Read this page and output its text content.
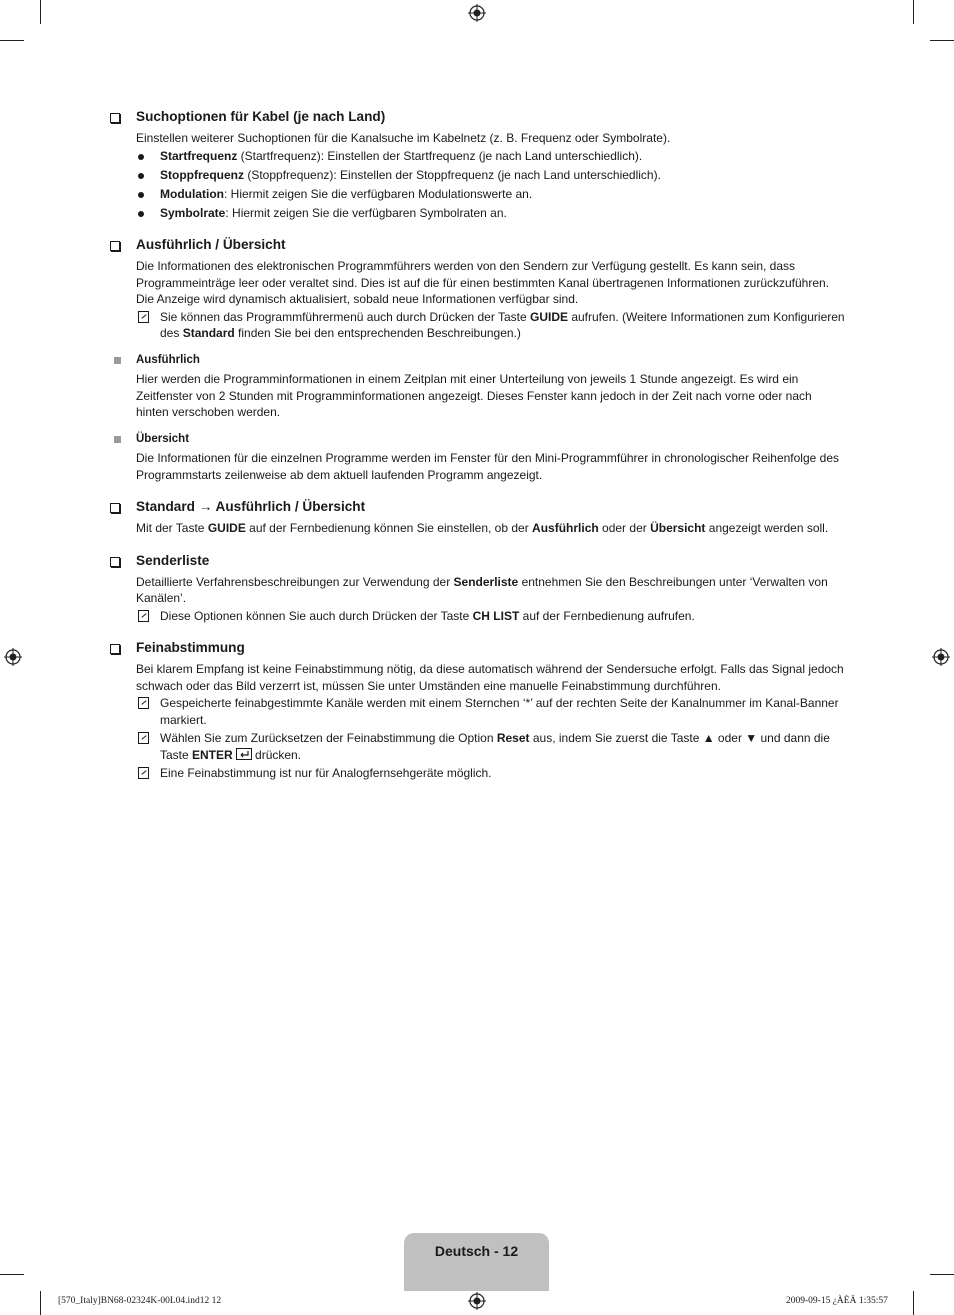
Suchoptionen für Kabel (je nach Land)

Einstellen weiterer Suchoptionen für die Kanalsuche im Kabelnetz (z. B. Frequenz oder Symbolrate).

Startfrequenz (Startfrequenz): Einstellen der Startfrequenz (je nach Land unterschiedlich).
Stoppfrequenz (Stoppfrequenz): Einstellen der Stoppfrequenz (je nach Land unterschiedlich).
Modulation: Hiermit zeigen Sie die verfügbaren Modulationswerte an.
Symbolrate: Hiermit zeigen Sie die verfügbaren Symbolraten an.
Ausführlich / Übersicht

Die Informationen des elektronischen Programmführers werden von den Sendern zur Verfügung gestellt. Es kann sein, dass Programmeinträge leer oder veraltet sind. Dies ist auf die für einen bestimmten Kanal übertragenen Informationen zurückzuführen. Die Anzeige wird dynamisch aktualisiert, sobald neue Informationen verfügbar sind.

Sie können das Programmführermenü auch durch Drücken der Taste GUIDE aufrufen. (Weitere Informationen zum Konfigurieren des Standard finden Sie bei den entsprechenden Beschreibungen.)
Ausführlich

Hier werden die Programminformationen in einem Zeitplan mit einer Unterteilung von jeweils 1 Stunde angezeigt. Es wird ein Zeitfenster von 2 Stunden mit Programminformationen angezeigt. Dieses Fenster kann jedoch in der Zeit nach vorne oder nach hinten verschoben werden.

Übersicht

Die Informationen für die einzelnen Programme werden im Fenster für den Mini-Programmführer in chronologischer Reihenfolge des Programmstarts zeilenweise ab dem aktuell laufenden Programm angezeigt.

Standard → Ausführlich / Übersicht

Mit der Taste GUIDE auf der Fernbedienung können Sie einstellen, ob der Ausführlich oder der Übersicht angezeigt werden soll.

Senderliste

Detaillierte Verfahrensbeschreibungen zur Verwendung der Senderliste entnehmen Sie den Beschreibungen unter ‘Verwalten von Kanälen’.

Diese Optionen können Sie auch durch Drücken der Taste CH LIST auf der Fernbedienung aufrufen.
Feinabstimmung

Bei klarem Empfang ist keine Feinabstimmung nötig, da diese automatisch während der Sendersuche erfolgt. Falls das Signal jedoch schwach oder das Bild verzerrt ist, müssen Sie unter Umständen eine manuelle Feinabstimmung durchführen.

Gespeicherte feinabgestimmte Kanäle werden mit einem Sternchen ‘*’ auf der rechten Seite der Kanalnummer im Kanal-Banner markiert.
Wählen Sie zum Zurücksetzen der Feinabstimmung die Option Reset aus, indem Sie zuerst die Taste ▲ oder ▼ und dann die Taste ENTER drücken.
Eine Feinabstimmung ist nur für Analogfernsehgeräte möglich.
Deutsch - 12
[570_Italy]BN68-02324K-00L04.ind12 12	2009-09-15 ¿ÀÈÄ 1:35:57
